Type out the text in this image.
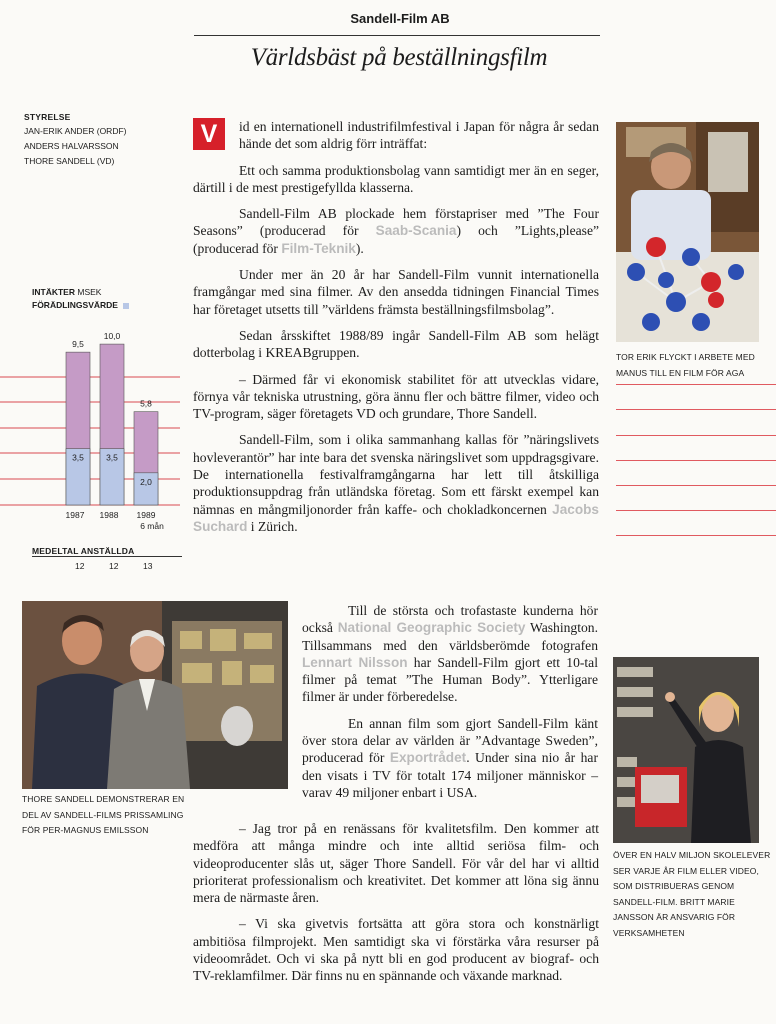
Sandell-Film AB
Världsbäst på beställningsfilm
STYRELSE
JAN-ERIK ANDER (ORDF)
ANDERS HALVARSSON
THORE SANDELL (VD)
INTÄKTER MSEK
FÖRÄDLINGSVÄRDE
9,5
3,5
1987
10,0
3,5
1988
5,8
2,0
1989
6 mån
MEDELTAL ANSTÄLLDA
12	12	13

V	id en internationell industrifilmfestival i Japan för några år sedan hände det som aldrig förr inträffat:

Ett och samma produktionsbolag vann samtidigt mer än en seger, därtill i de mest prestigefyllda klasserna.

Sandell-Film AB plockade hem förstapriser med ”The Four Seasons” (producerad för Saab-Scania) och ”Lights,please” (producerad för Film-Teknik).

Under mer än 20 år har Sandell-Film vunnit internationella framgångar med sina filmer. Av den ansedda tidningen Financial Times har företaget utsetts till ”världens främsta beställningsfilmsbolag”.

Sedan årsskiftet 1988/89 ingår Sandell-Film AB som helägt dotterbolag i KREABgruppen.

– Därmed får vi ekonomisk stabilitet för att utvecklas vidare, förnya vår tekniska utrustning, göra ännu fler och bättre filmer, video och TV-program, säger företagets VD och grundare, Thore Sandell.

Sandell-Film, som i olika sammanhang kallas för ”näringslivets hovleverantör” har inte bara det svenska näringslivet som uppdragsgivare. De internationella festivalframgångarna har lett till åtskilliga produktionsuppdrag från utländska företag. Som ett färskt exempel kan nämnas en mångmiljonorder från kaffe- och chokladkoncernen Jacobs Suchard i Zürich.

Till de största och trofastaste kunderna hör också National Geographic Society Washington. Tillsammans med den världsberömde fotografen Lennart Nilsson har Sandell-Film gjort ett 10-tal filmer på temat ”The Human Body”. Ytterligare filmer är under förberedelse.

En annan film som gjort Sandell-Film känt över stora delar av världen är ”Advantage Sweden”, producerad för Exportrådet. Under sina nio år har den visats i TV för totalt 174 miljoner människor – varav 49 miljoner enbart i USA.

– Jag tror på en renässans för kvalitetsfilm. Den kommer att medföra att många mindre och inte alltid seriösa film- och videoproducenter slås ut, säger Thore Sandell. För vår del har vi alltid prioriterat professionalism och kreativitet. Det kommer att löna sig ännu mera de närmaste åren.

– Vi ska givetvis fortsätta att göra stora och konstnärligt ambitiösa filmprojekt. Men samtidigt ska vi förstärka våra resurser på videoområdet. Och vi ska på nytt bli en god producent av biograf- och TV-reklamfilmer. Där finns nu en spännande och växande marknad.

TOR ERIK FLYCKT I ARBETE MED MANUS TILL EN FILM FÖR AGA
THORE SANDELL DEMONSTRERAR EN DEL AV SANDELL-FILMS PRISSAMLING FÖR PER-MAGNUS EMILSSON
ÖVER EN HALV MILJON SKOLELEVER SER VARJE ÅR FILM ELLER VIDEO, SOM DISTRIBUERAS GENOM SANDELL-FILM. BRITT MARIE JANSSON ÄR ANSVARIG FÖR VERKSAMHETEN
